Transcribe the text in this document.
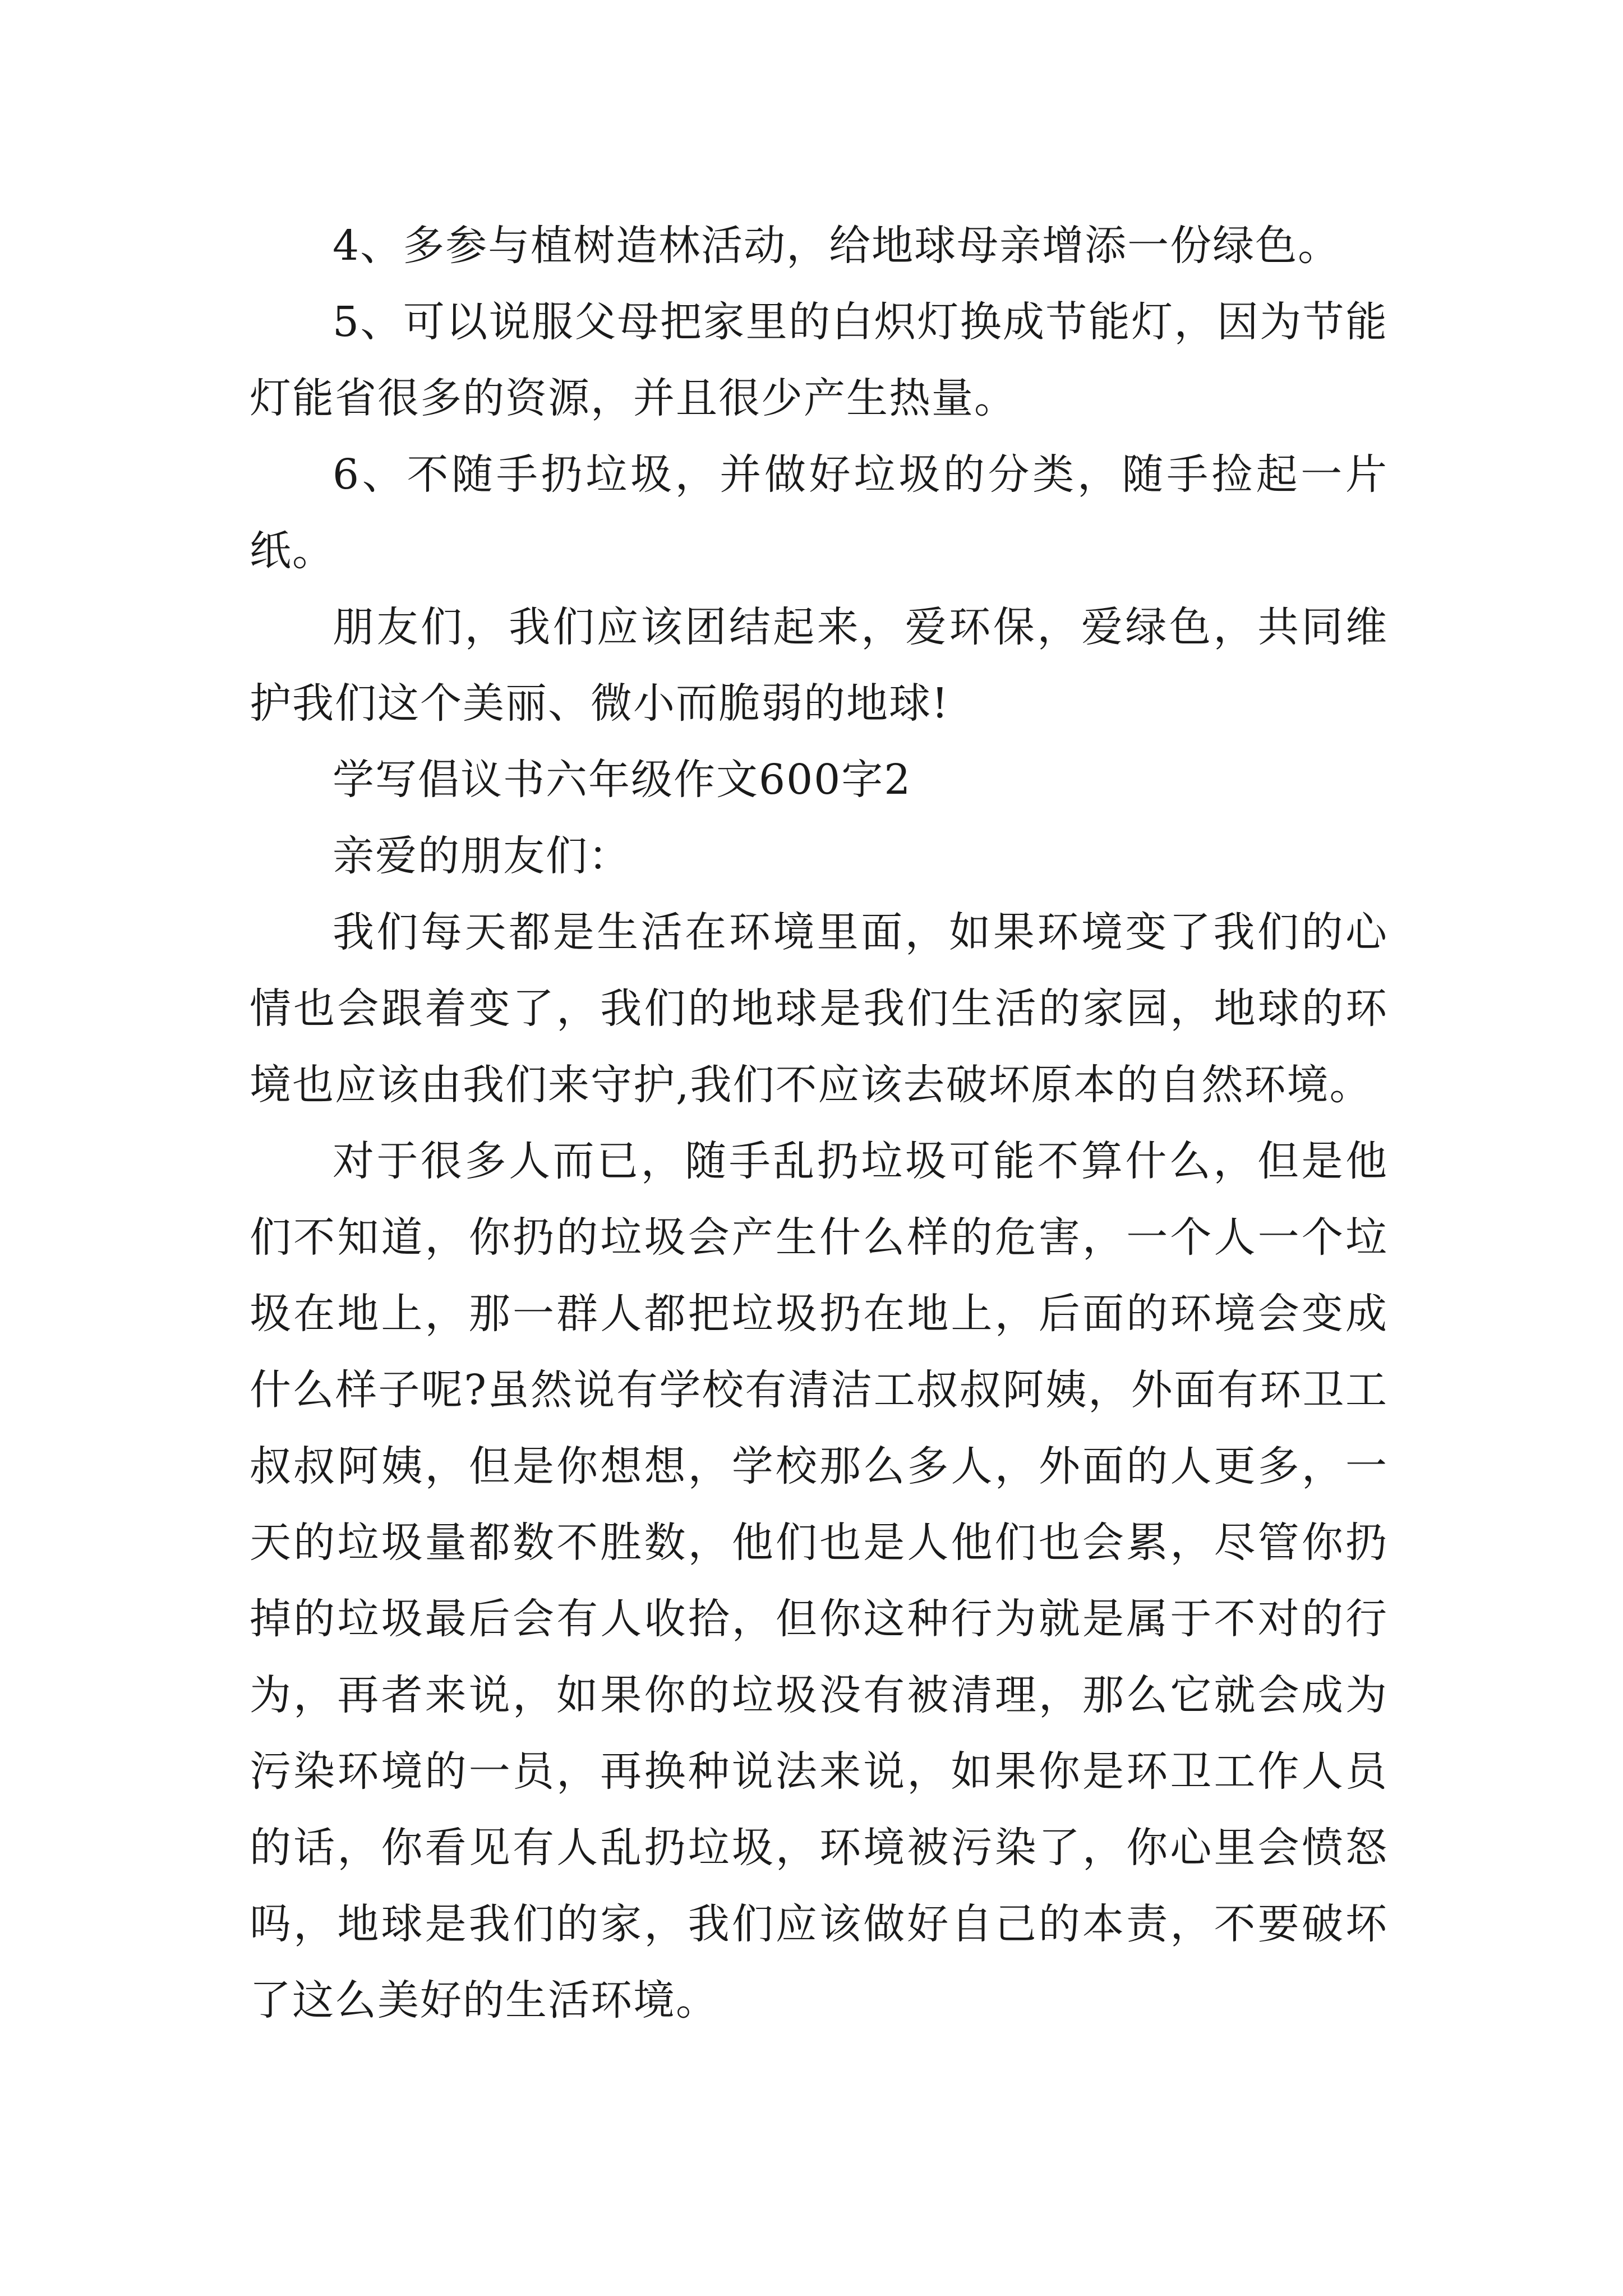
4、多参与植树造林活动，给地球母亲增添一份绿色。

5、可以说服父母把家里的白炽灯换成节能灯，因为节能灯能省很多的资源，并且很少产生热量。

6、不随手扔垃圾，并做好垃圾的分类，随手捡起一片纸。

朋友们，我们应该团结起来，爱环保，爱绿色，共同维护我们这个美丽、微小而脆弱的地球!

学写倡议书六年级作文600字2

亲爱的朋友们：

我们每天都是生活在环境里面，如果环境变了我们的心情也会跟着变了，我们的地球是我们生活的家园，地球的环境也应该由我们来守护,我们不应该去破坏原本的自然环境。

对于很多人而已，随手乱扔垃圾可能不算什么，但是他们不知道，你扔的垃圾会产生什么样的危害，一个人一个垃圾在地上，那一群人都把垃圾扔在地上，后面的环境会变成什么样子呢?虽然说有学校有清洁工叔叔阿姨，外面有环卫工叔叔阿姨，但是你想想，学校那么多人，外面的人更多，一天的垃圾量都数不胜数，他们也是人他们也会累，尽管你扔掉的垃圾最后会有人收拾，但你这种行为就是属于不对的行为，再者来说，如果你的垃圾没有被清理，那么它就会成为污染环境的一员，再换种说法来说，如果你是环卫工作人员的话，你看见有人乱扔垃圾，环境被污染了，你心里会愤怒吗，地球是我们的家，我们应该做好自己的本责，不要破坏了这么美好的生活环境。
